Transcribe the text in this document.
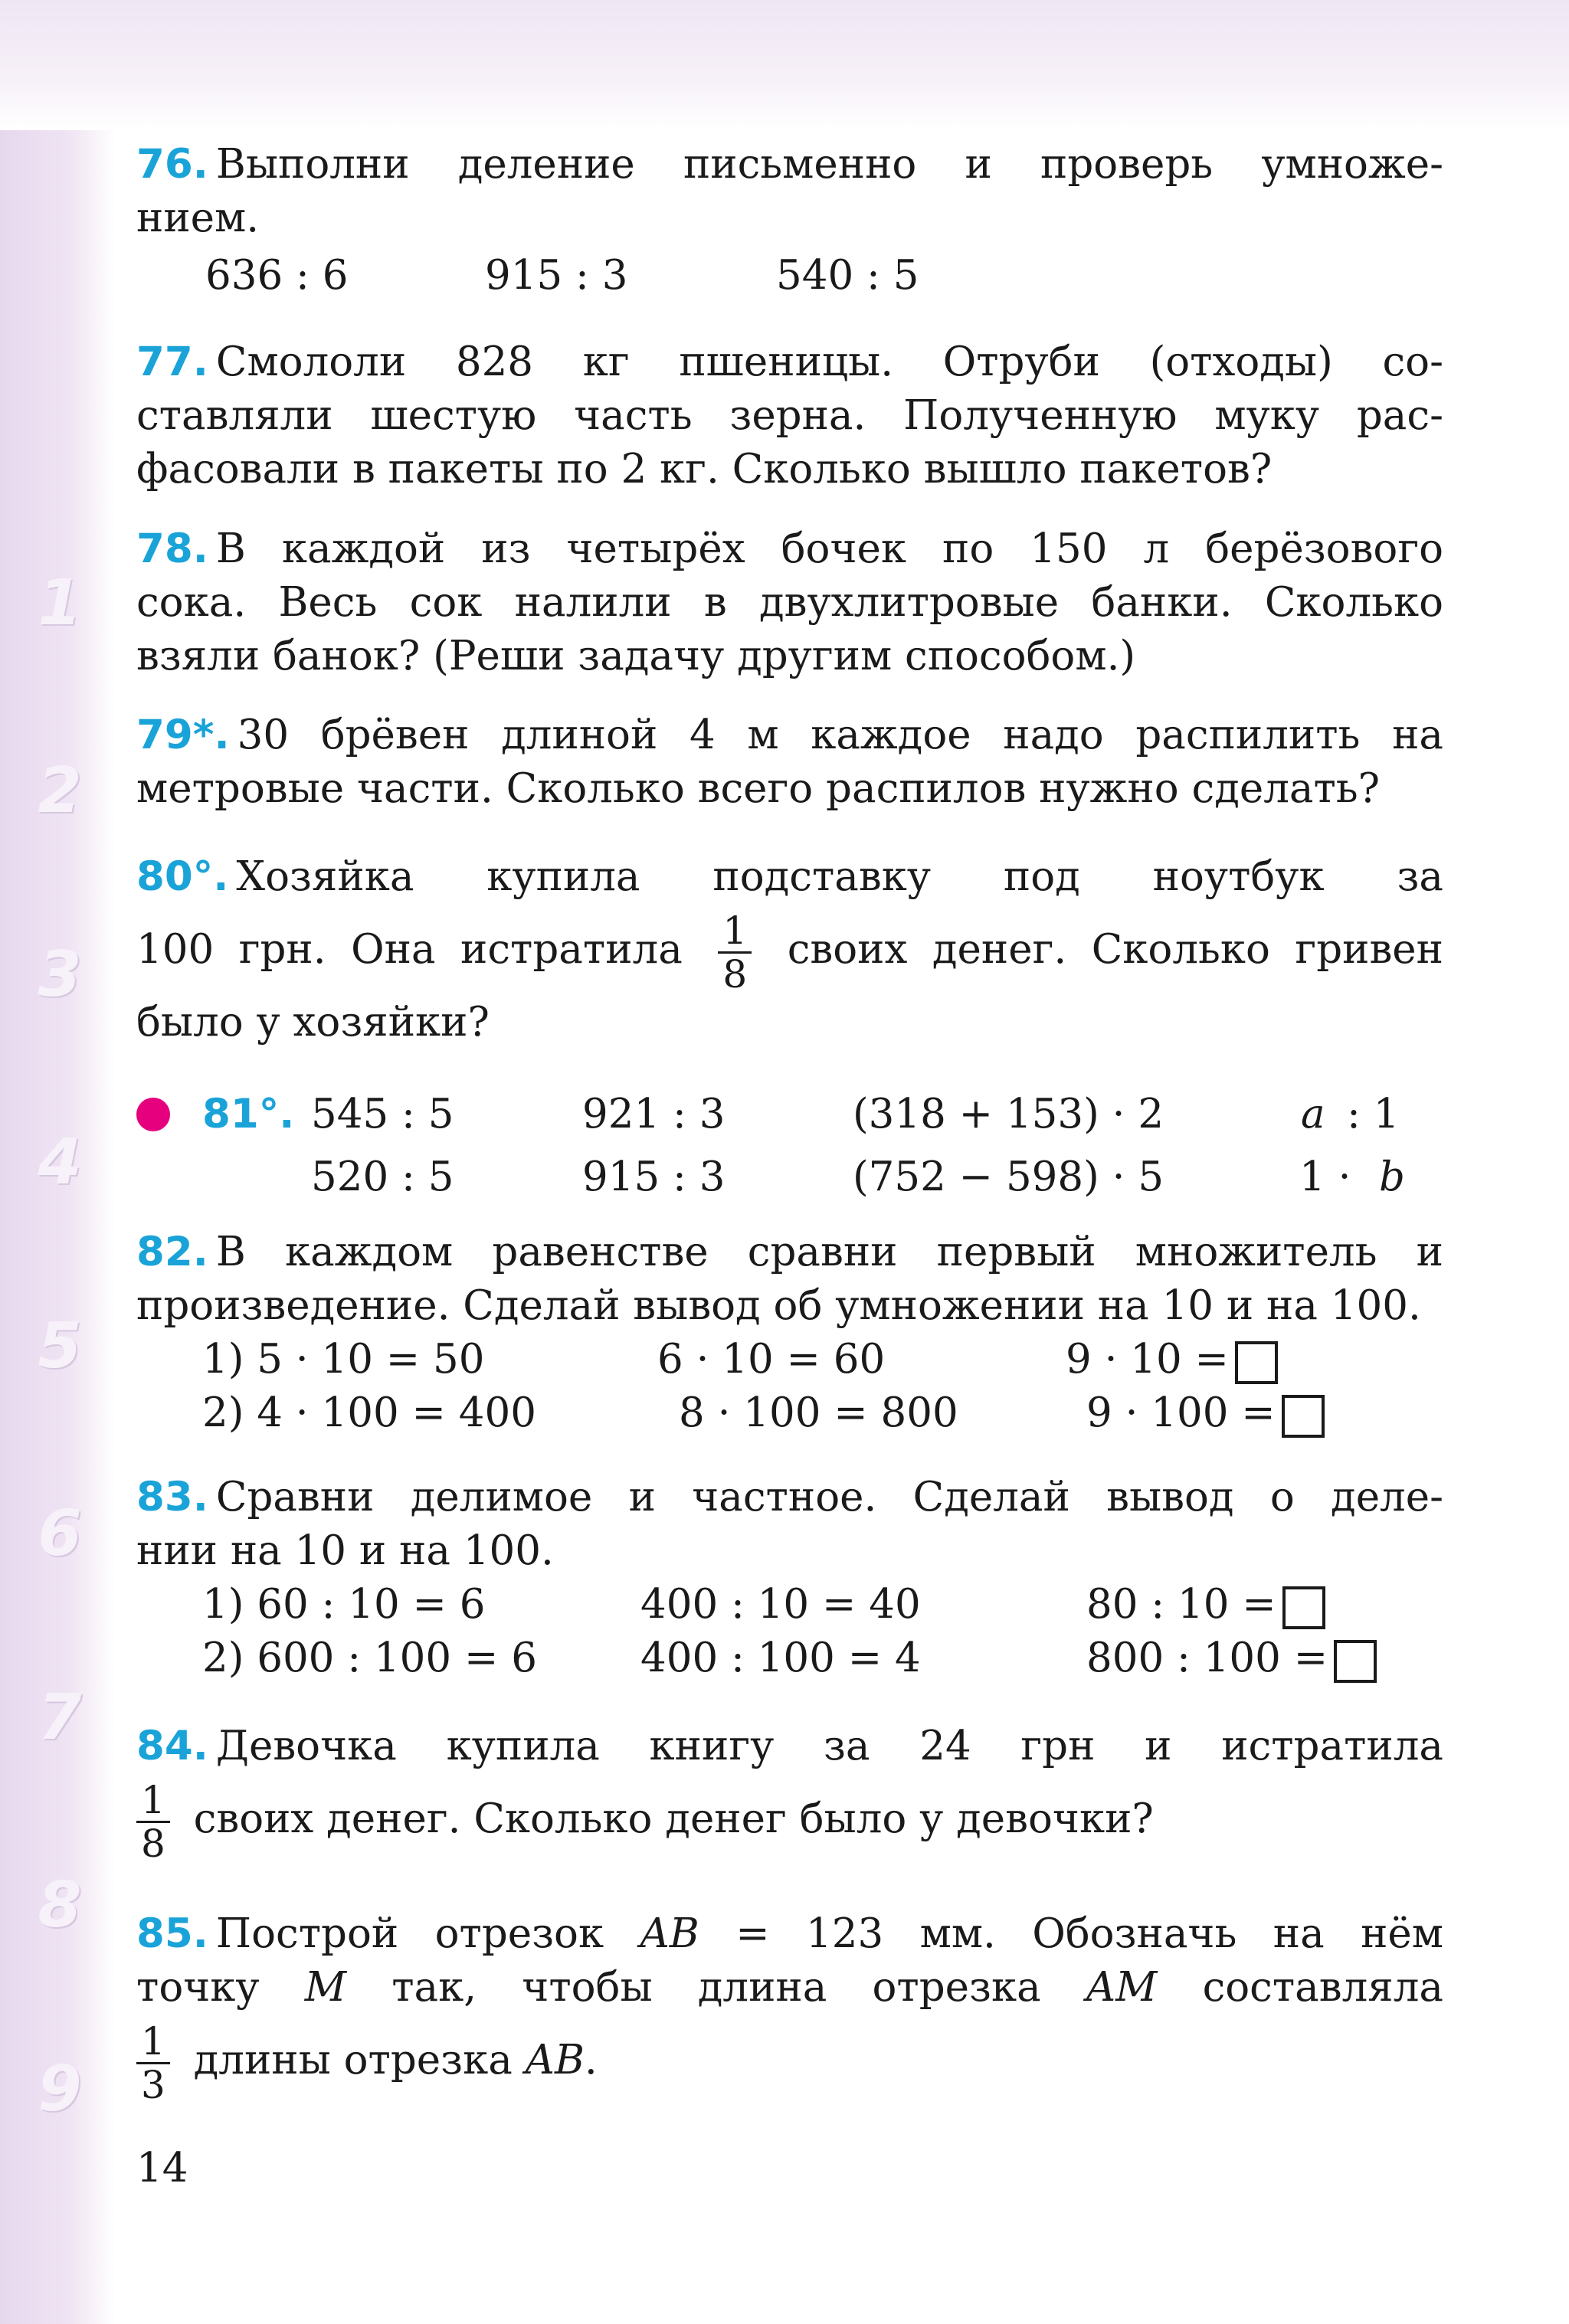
1
2
3
4
5
6
7
8
9

76. Выполни деление письменно и проверь умноже-

нием.

636 : 6	915 : 3	540 : 5

77. Смололи 828 кг пшеницы. Отруби (отходы) со-

ставляли шестую часть зерна. Полученную муку рас-

фасовали в пакеты по 2 кг. Сколько вышло пакетов?

78. В каждой из четырёх бочек по 150 л берёзового

сока. Весь сок налили в двухлитровые банки. Сколько

взяли банок? (Реши задачу другим способом.)

79*. 30 брёвен длиной 4 м каждое надо распилить на

метровые части. Сколько всего распилов нужно сделать?

80°. Хозяйка купила подставку под ноутбук за

100 грн. Она истратила $\frac{1}{8}$ своих денег. Сколько гривен

было у хозяйки?

81°. 545 : 5	921 : 3	(318 + 153) · 2	a : 1
520 : 5	915 : 3	(752 − 598) · 5	1 · b

82. В каждом равенстве сравни первый множитель и

произведение. Сделай вывод об умножении на 10 и на 100.

1) 5 · 10 = 50	6 · 10 = 60	9 · 10 =
2) 4 · 100 = 400	8 · 100 = 800	9 · 100 =

83. Сравни делимое и частное. Сделай вывод о деле-

нии на 10 и на 100.

1) 60 : 10 = 6	400 : 10 = 40	80 : 10 =
2) 600 : 100 = 6	400 : 100 = 4	800 : 100 =

84. Девочка купила книгу за 24 грн и истратила

$\frac{1}{8}$ своих денег. Сколько денег было у девочки?

85. Построй отрезок AB = 123 мм. Обозначь на нём

точку M так, чтобы длина отрезка AM составляла

$\frac{1}{3}$ длины отрезка AB.

14
